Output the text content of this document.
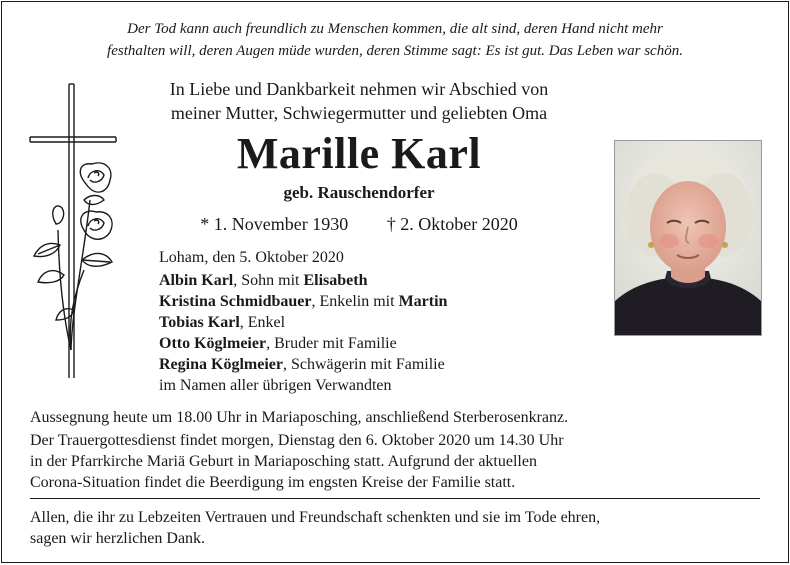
Der Tod kann auch freundlich zu Menschen kommen, die alt sind, deren Hand nicht mehr
festhalten will, deren Augen müde wurden, deren Stimme sagt: Es ist gut. Das Leben war schön.
In Liebe und Dankbarkeit nehmen wir Abschied von
meiner Mutter, Schwiegermutter und geliebten Oma
Marille Karl
geb. Rauschendorfer
* 1. November 1930 † 2. Oktober 2020
Loham, den 5. Oktober 2020
Albin Karl, Sohn mit Elisabeth
Kristina Schmidbauer, Enkelin mit Martin
Tobias Karl, Enkel
Otto Köglmeier, Bruder mit Familie
Regina Köglmeier, Schwägerin mit Familie
im Namen aller übrigen Verwandten

Aussegnung heute um 18.00 Uhr in Mariaposching, anschließend Sterberosenkranz.

Der Trauergottesdienst findet morgen, Dienstag den 6. Oktober 2020 um 14.30 Uhr

in der Pfarrkirche Mariä Geburt in Mariaposching statt. Aufgrund der aktuellen

Corona-Situation findet die Beerdigung im engsten Kreise der Familie statt.

Allen, die ihr zu Lebzeiten Vertrauen und Freundschaft schenkten und sie im Tode ehren,
sagen wir herzlichen Dank.
